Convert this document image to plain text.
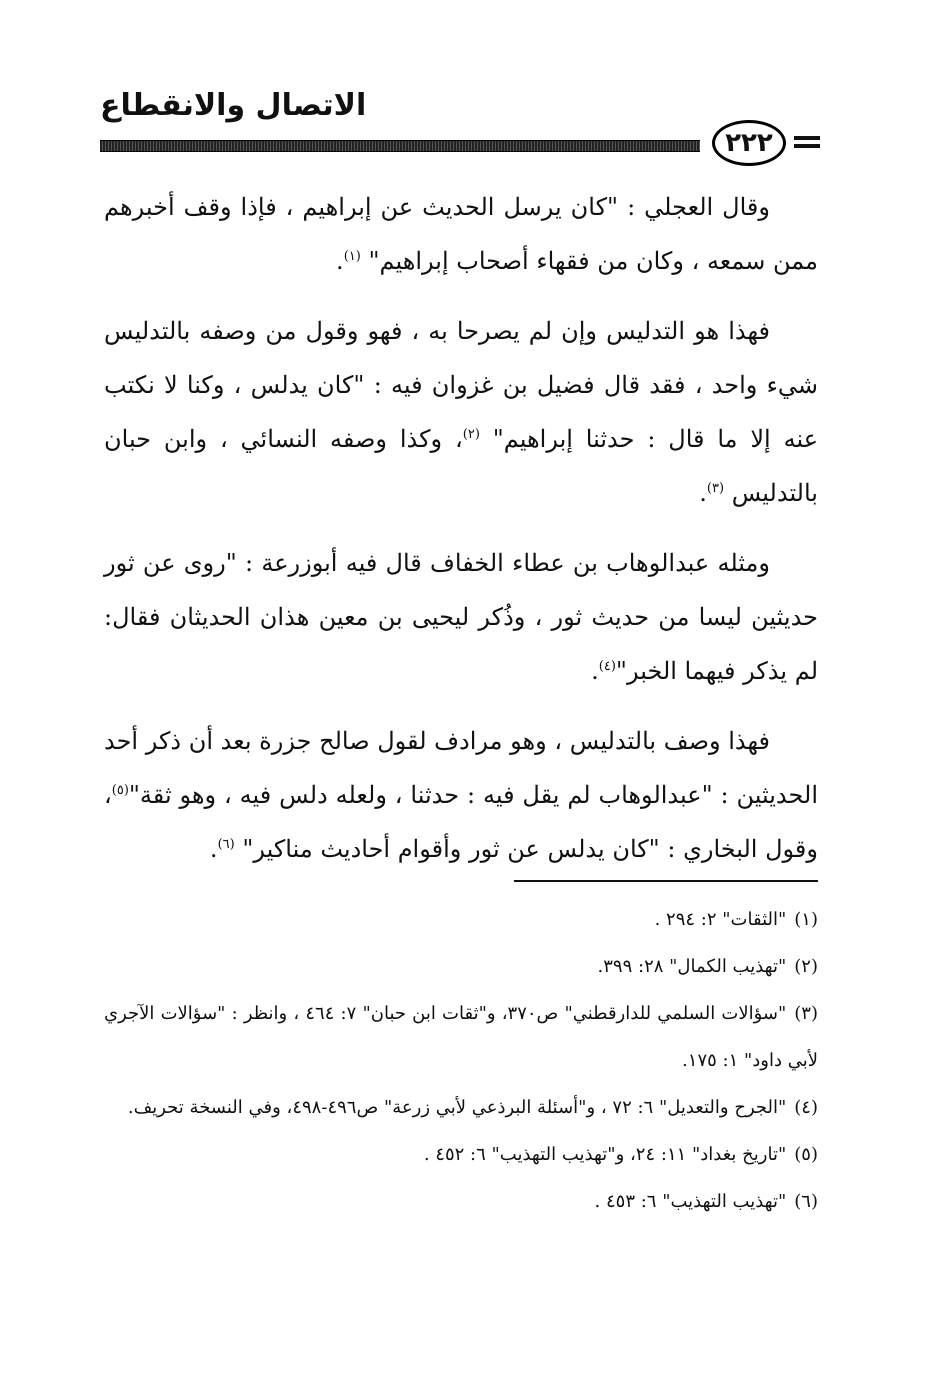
الاتصال والانقطاع
٢٢٢

وقال العجلي : "كان يرسل الحديث عن إبراهيم ، فإذا وقف أخبرهم ممن سمعه ، وكان من فقهاء أصحاب إبراهيم" $^{(١)}$.

فهذا هو التدليس وإن لم يصرحا به ، فهو وقول من وصفه بالتدليس شيء واحد ، فقد قال فضيل بن غزوان فيه : "كان يدلس ، وكنا لا نكتب عنه إلا ما قال : حدثنا إبراهيم" $^{(٢)}$، وكذا وصفه النسائي ، وابن حبان بالتدليس $^{(٣)}$.

ومثله عبدالوهاب بن عطاء الخفاف قال فيه أبوزرعة : "روى عن ثور حديثين ليسا من حديث ثور ، وذُكر ليحيى بن معين هذان الحديثان فقال: لم يذكر فيهما الخبر"$^{(٤)}$.

فهذا وصف بالتدليس ، وهو مرادف لقول صالح جزرة بعد أن ذكر أحد الحديثين : "عبدالوهاب لم يقل فيه : حدثنا ، ولعله دلس فيه ، وهو ثقة"$^{(٥)}$، وقول البخاري : "كان يدلس عن ثور وأقوام أحاديث مناكير" $^{(٦)}$.

(١)"الثقات" ٢: ٢٩٤ .

(٢)"تهذيب الكمال" ٢٨: ٣٩٩.

(٣)"سؤالات السلمي للدارقطني" ص٣٧٠، و"ثقات ابن حبان" ٧: ٤٦٤ ، وانظر : "سؤالات الآجري لأبي داود" ١: ١٧٥.

(٤)"الجرح والتعديل" ٦: ٧٢ ، و"أسئلة البرذعي لأبي زرعة" ص٤٩٦-٤٩٨، وفي النسخة تحريف.

(٥)"تاريخ بغداد" ١١: ٢٤، و"تهذيب التهذيب" ٦: ٤٥٢ .

(٦)"تهذيب التهذيب" ٦: ٤٥٣ .
